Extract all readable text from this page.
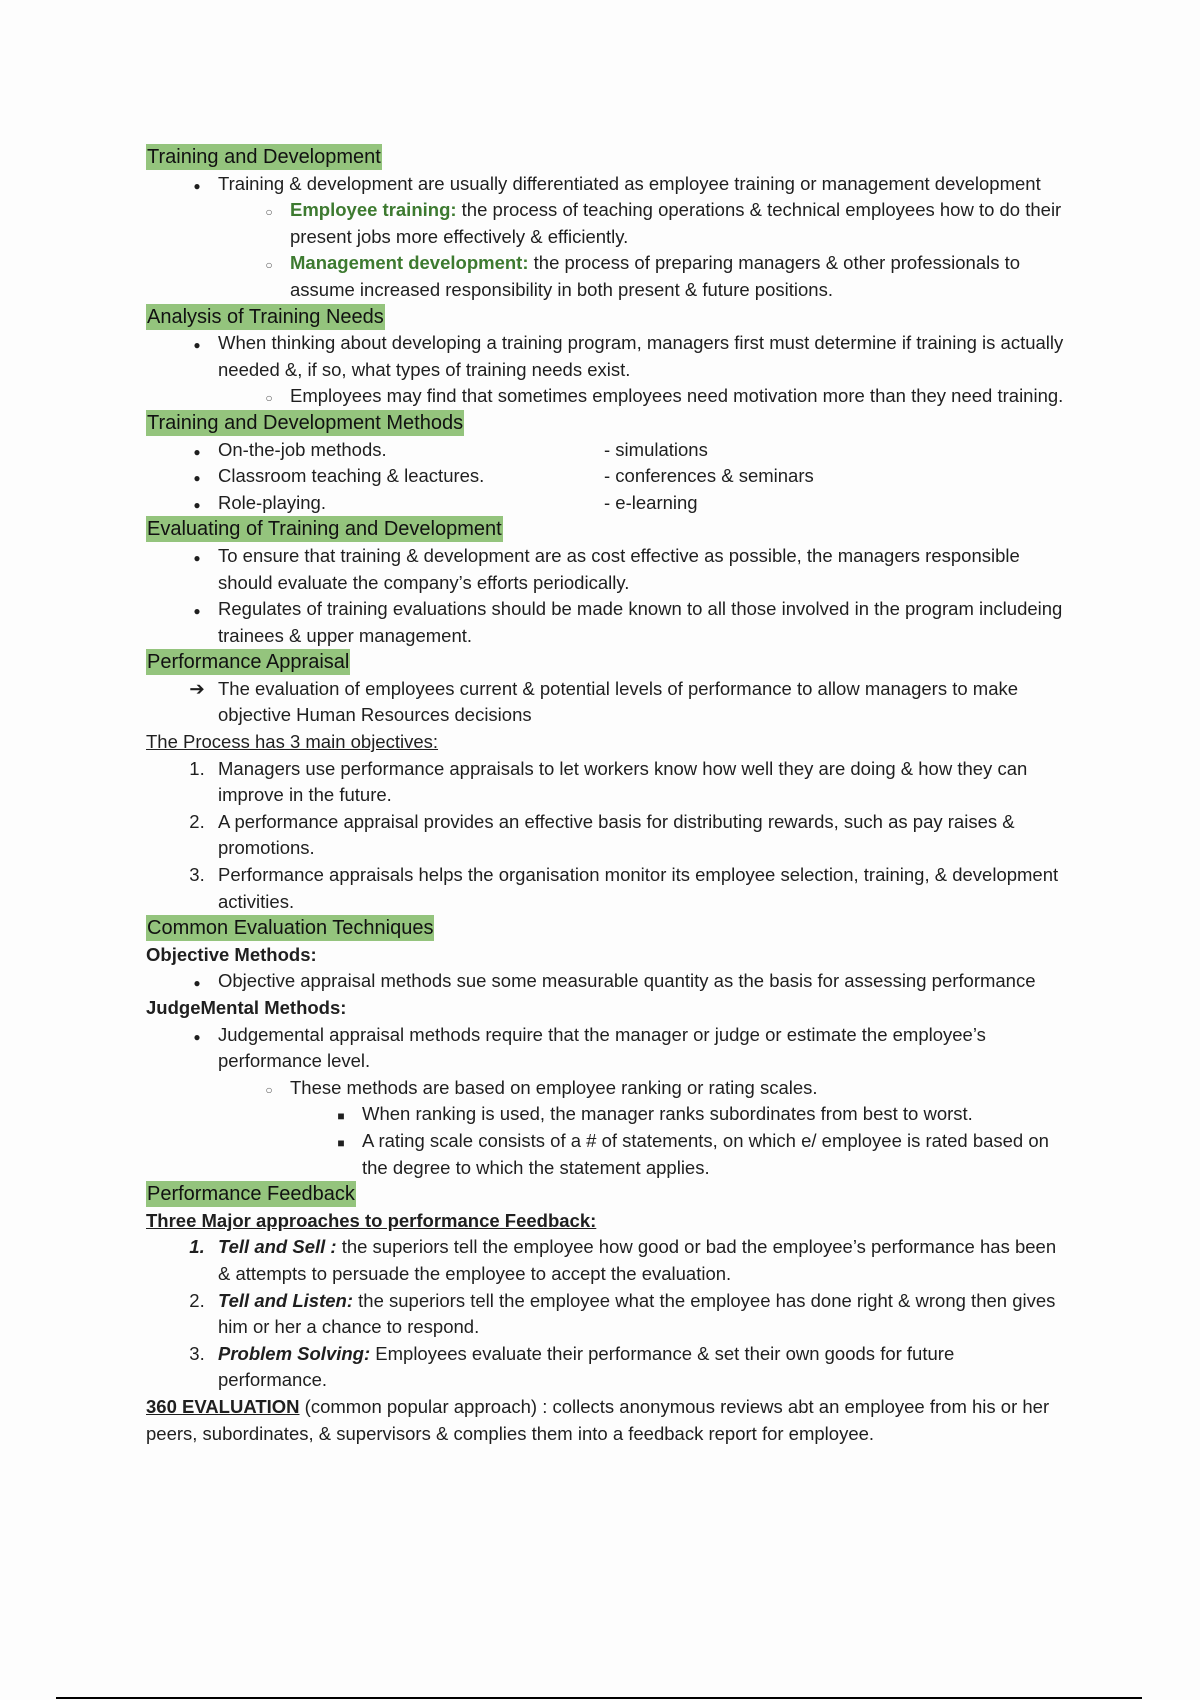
Training and Development
●
Training & development are usually differentiated as employee training or management development
○
Employee training: the process of teaching operations & technical employees how to do their present jobs more effectively & efficiently.
○
Management development: the process of preparing managers & other professionals to assume increased responsibility in both present & future positions.
Analysis of Training Needs
●
When thinking about developing a training program, managers first must determine if training is actually needed &, if so, what types of training needs exist.
○
Employees may find that sometimes employees need motivation more than they need training.
Training and Development Methods
●
On-the-job methods.	- simulations
●
Classroom teaching & leactures.	- conferences & seminars
●
Role-playing.	- e-learning
Evaluating of Training and Development
●
To ensure that training & development are as cost effective as possible, the managers responsible should evaluate the company’s efforts periodically.
●
Regulates of training evaluations should be made known to all those involved in the program includeing trainees & upper management.
Performance Appraisal
➔ The evaluation of employees current & potential levels of performance to allow managers to make objective Human Resources decisions
The Process has 3 main objectives:
1. Managers use performance appraisals to let workers know how well they are doing & how they can improve in the future.
2. A performance appraisal provides an effective basis for distributing rewards, such as pay raises & promotions.
3. Performance appraisals helps the organisation monitor its employee selection, training, & development activities.
Common Evaluation Techniques
Objective Methods:
●
Objective appraisal methods sue some measurable quantity as the basis for assessing performance
JudgeMental Methods:
●
Judgemental appraisal methods require that the manager or judge or estimate the employee’s performance level.
○
These methods are based on employee ranking or rating scales.
■
When ranking is used, the manager ranks subordinates from best to worst.
■
A rating scale consists of a # of statements, on which e/ employee is rated based on the degree to which the statement applies.
Performance Feedback
Three Major approaches to performance Feedback:
1. Tell and Sell : the superiors tell the employee how good or bad the employee’s performance has been & attempts to persuade the employee to accept the evaluation.
2. Tell and Listen: the superiors tell the employee what the employee has done right & wrong then gives him or her a chance to respond.
3. Problem Solving: Employees evaluate their performance & set their own goods for future performance.
360 EVALUATION (common popular approach) : collects anonymous reviews abt an employee from his or her peers, subordinates, & supervisors & complies them into a feedback report for employee.
